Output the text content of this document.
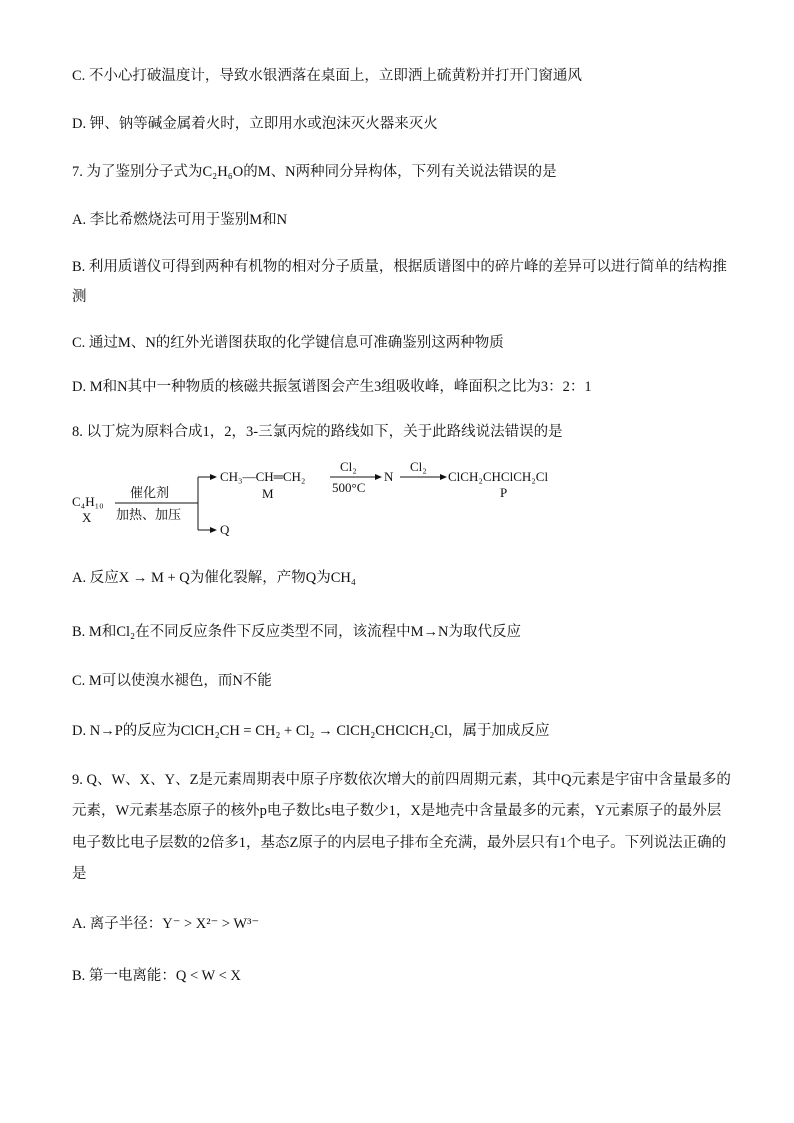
C. 不小心打破温度计，导致水银洒落在桌面上，立即洒上硫黄粉并打开门窗通风
D. 钾、钠等碱金属着火时，立即用水或泡沫灭火器来灭火
7. 为了鉴别分子式为C₂H₆O的M、N两种同分异构体，下列有关说法错误的是
A. 李比希燃烧法可用于鉴别M和N
B. 利用质谱仪可得到两种有机物的相对分子质量，根据质谱图中的碎片峰的差异可以进行简单的结构推
测
C. 通过M、N的红外光谱图获取的化学键信息可准确鉴别这两种物质
D. M和N其中一种物质的核磁共振氢谱图会产生3组吸收峰，峰面积之比为3：2：1
8. 以丁烷为原料合成1，2，3-三氯丙烷的路线如下，关于此路线说法错误的是
C₄H₁₀
X
催化剂
加热、加压
CH₃—CH═CH₂
M
Q
Cl₂
500°C
N
Cl₂
ClCH₂CHClCH₂Cl
P
A. 反应X → M + Q为催化裂解，产物Q为CH₄
B. M和Cl₂在不同反应条件下反应类型不同，该流程中M→N为取代反应
C. M可以使溴水褪色，而N不能
D. N→P的反应为ClCH₂CH = CH₂ + Cl₂ → ClCH₂CHClCH₂Cl，属于加成反应
9. Q、W、X、Y、Z是元素周期表中原子序数依次增大的前四周期元素，其中Q元素是宇宙中含量最多的
元素，W元素基态原子的核外p电子数比s电子数少1，X是地壳中含量最多的元素，Y元素原子的最外层
电子数比电子层数的2倍多1，基态Z原子的内层电子排布全充满，最外层只有1个电子。下列说法正确的
是
A. 离子半径：Y⁻ > X²⁻ > W³⁻
B. 第一电离能：Q < W < X
